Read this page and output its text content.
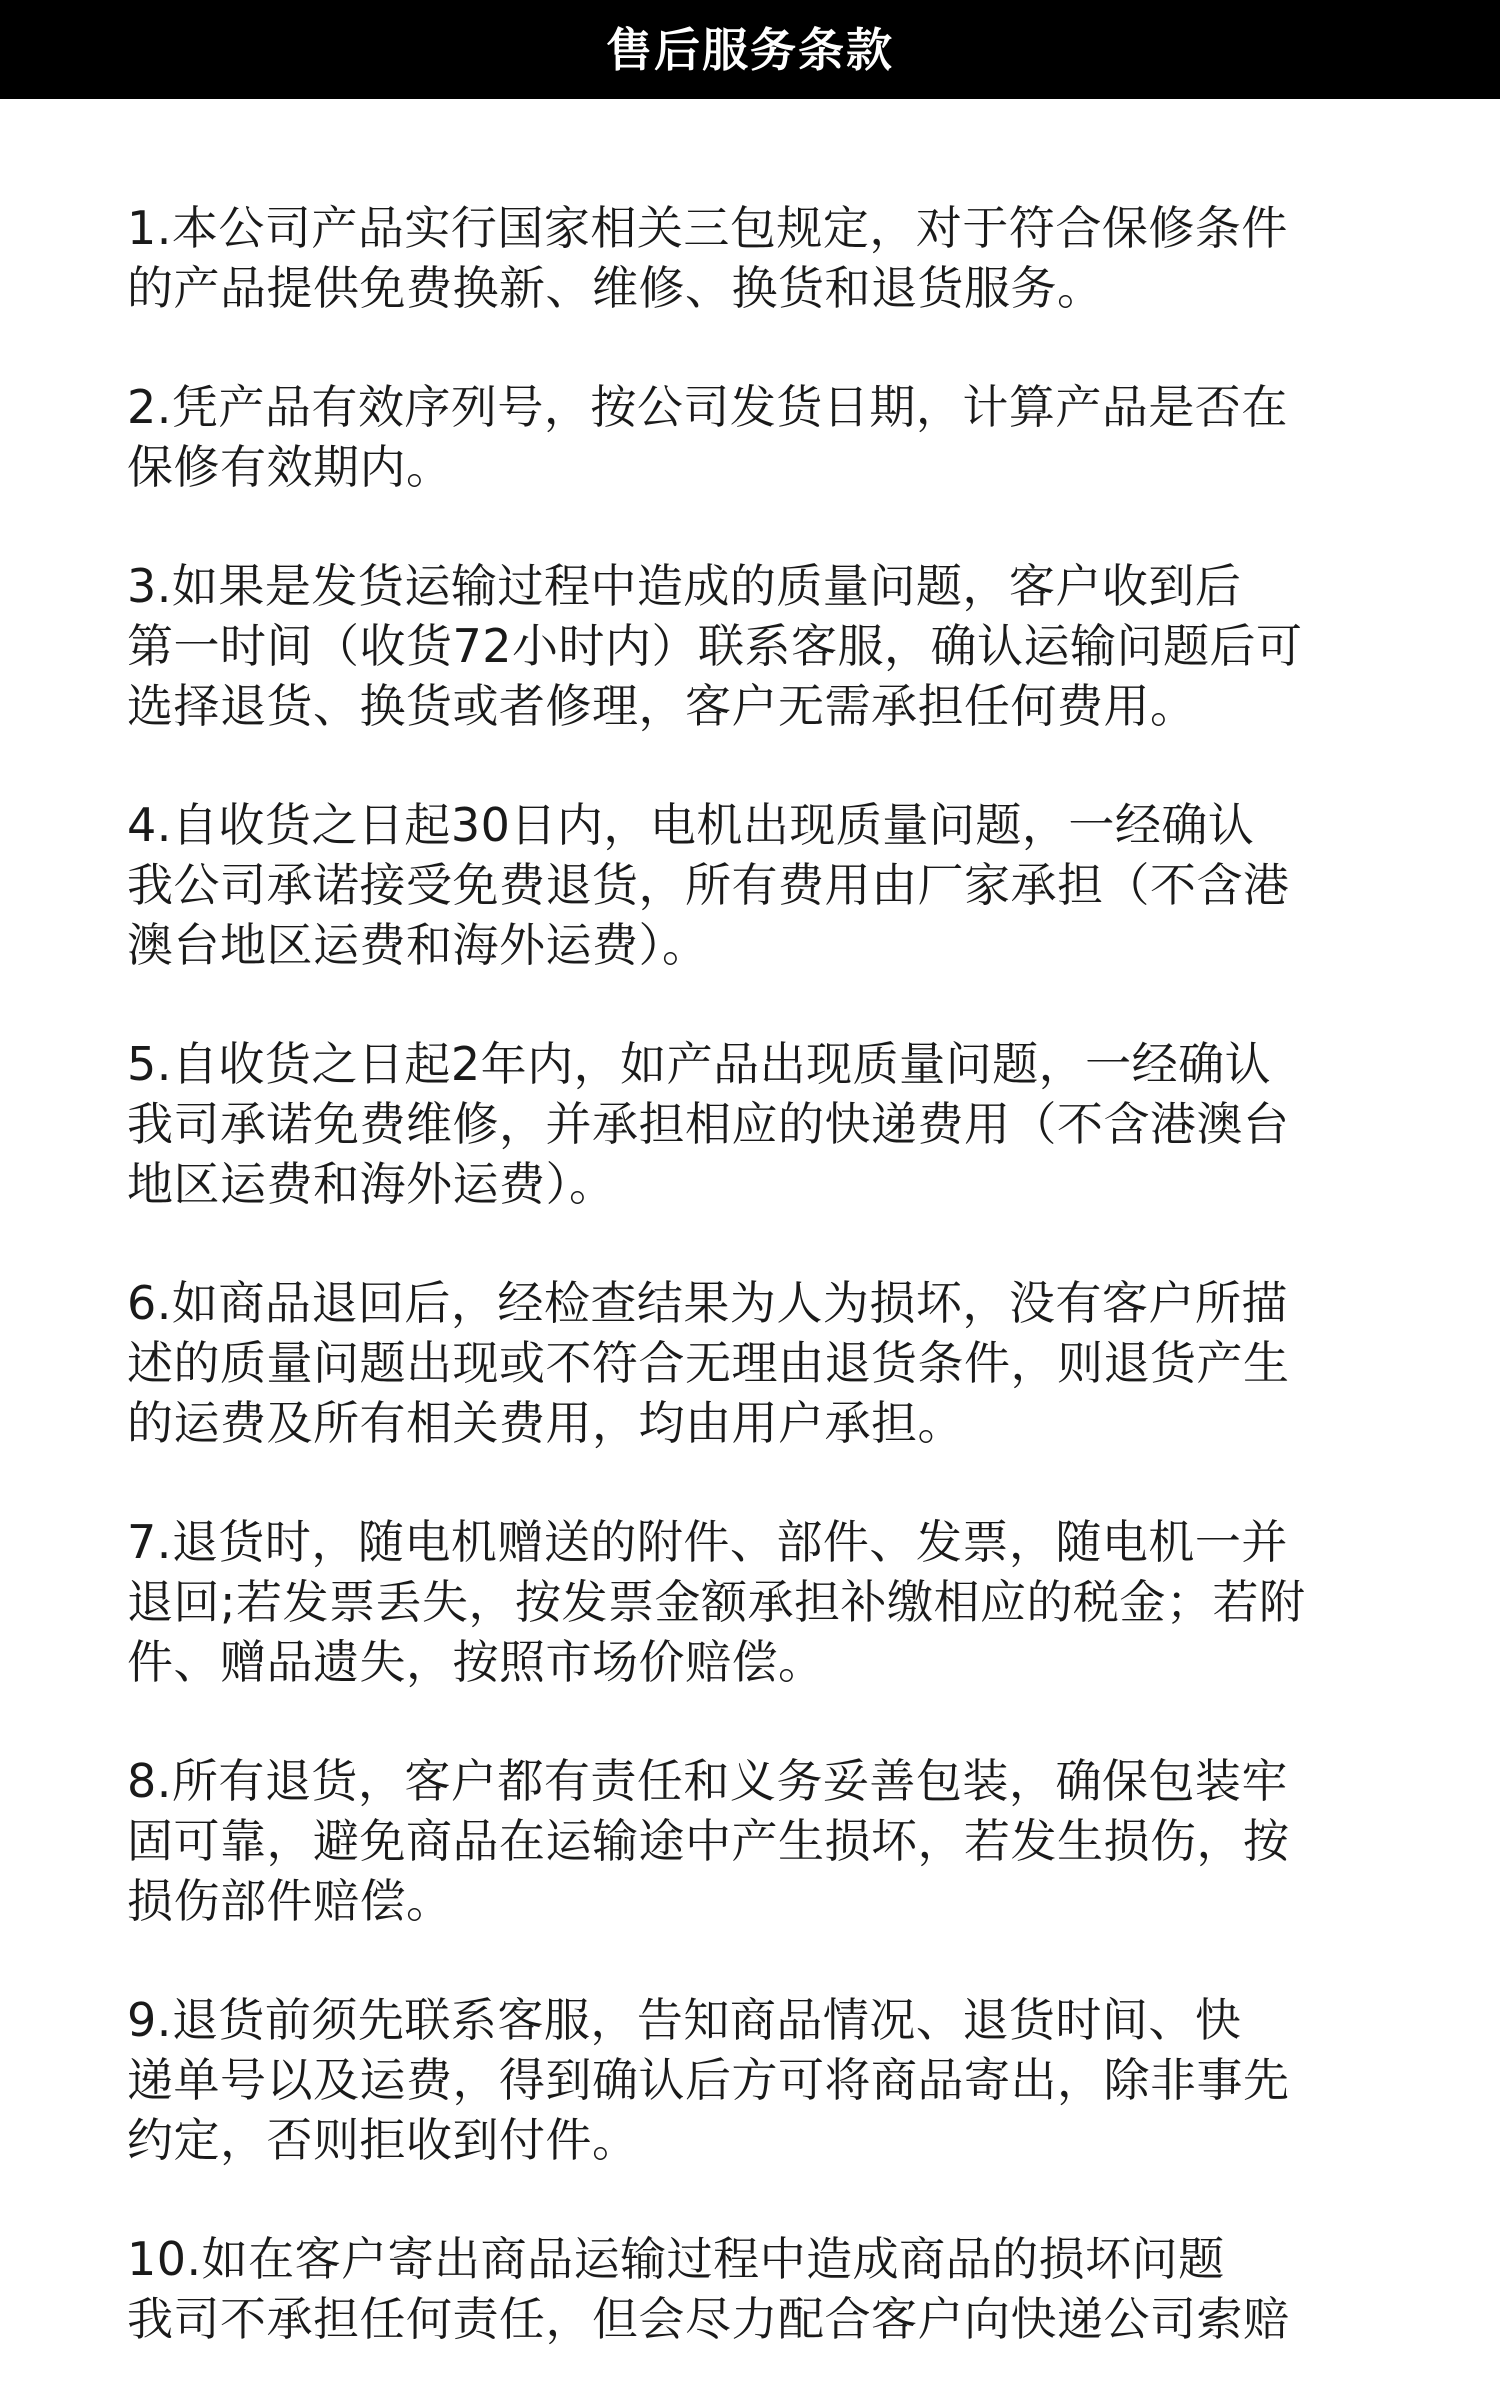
售后服务条款
1.本公司产品实行国家相关三包规定，对于符合保修条件
的产品提供免费换新、维修、换货和退货服务。
2.凭产品有效序列号，按公司发货日期，计算产品是否在
保修有效期内。
3.如果是发货运输过程中造成的质量问题，客户收到后
第一时间（收货72小时内）联系客服，确认运输问题后可
选择退货、换货或者修理，客户无需承担任何费用。
4.自收货之日起30日内，电机出现质量问题，一经确认
我公司承诺接受免费退货，所有费用由厂家承担（不含港
澳台地区运费和海外运费）。
5.自收货之日起2年内，如产品出现质量问题，一经确认
我司承诺免费维修，并承担相应的快递费用（不含港澳台
地区运费和海外运费）。
6.如商品退回后，经检查结果为人为损坏，没有客户所描
述的质量问题出现或不符合无理由退货条件，则退货产生
的运费及所有相关费用，均由用户承担。
7.退货时，随电机赠送的附件、部件、发票，随电机一并
退回;若发票丢失，按发票金额承担补缴相应的税金；若附
件、赠品遗失，按照市场价赔偿。
8.所有退货，客户都有责任和义务妥善包装，确保包装牢
固可靠，避免商品在运输途中产生损坏，若发生损伤，按
损伤部件赔偿。
9.退货前须先联系客服，告知商品情况、退货时间、快
递单号以及运费，得到确认后方可将商品寄出，除非事先
约定，否则拒收到付件。
10.如在客户寄出商品运输过程中造成商品的损坏问题
我司不承担任何责任，但会尽力配合客户向快递公司索赔
